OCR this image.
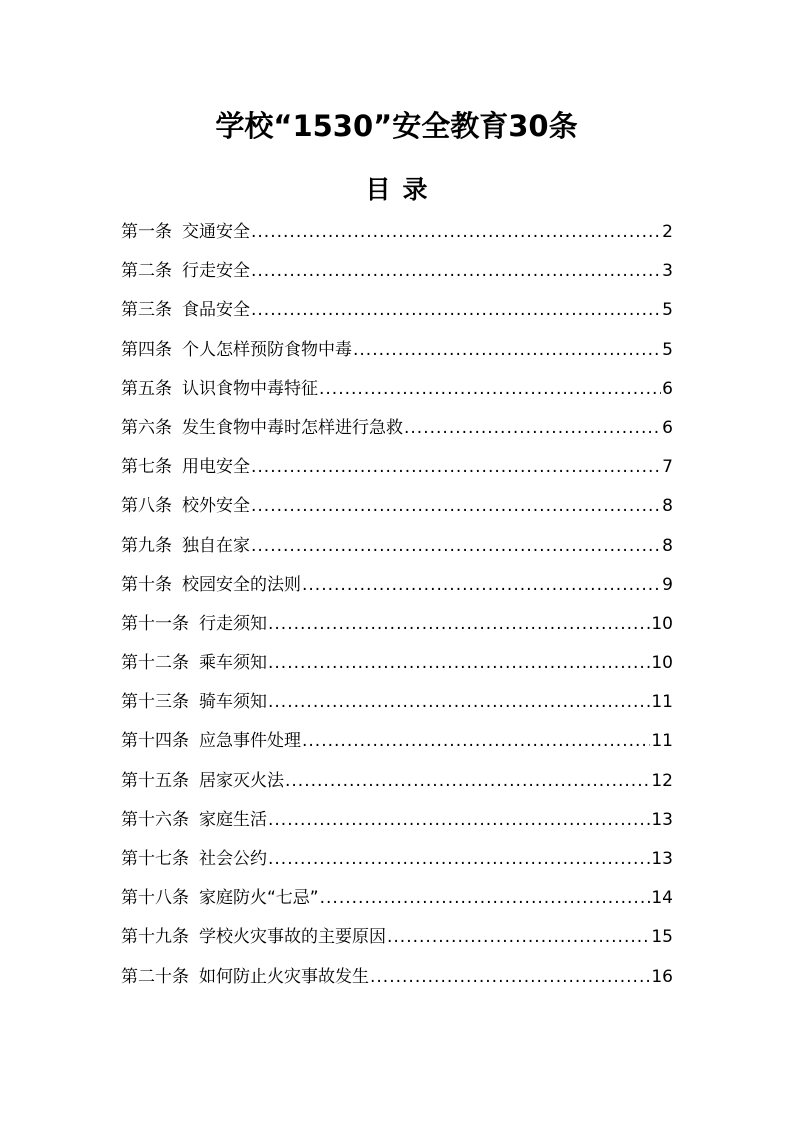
学校“1530”安全教育30条
目录
第一条 交通安全 .....	2
第二条 行走安全 .....	3
第三条 食品安全 .....	5
第四条 个人怎样预防食物中毒 .....	5
第五条 认识食物中毒特征 .....	6
第六条 发生食物中毒时怎样进行急救 .....	6
第七条 用电安全 .....	7
第八条 校外安全 .....	8
第九条 独自在家 .....	8
第十条 校园安全的法则 .....	9
第十一条 行走须知 .....	10
第十二条 乘车须知 .....	10
第十三条 骑车须知 .....	11
第十四条 应急事件处理 .....	11
第十五条 居家灭火法 .....	12
第十六条 家庭生活 .....	13
第十七条 社会公约 .....	13
第十八条 家庭防火“七忌” .....	14
第十九条 学校火灾事故的主要原因 .....	15
第二十条 如何防止火灾事故发生 .....	16
